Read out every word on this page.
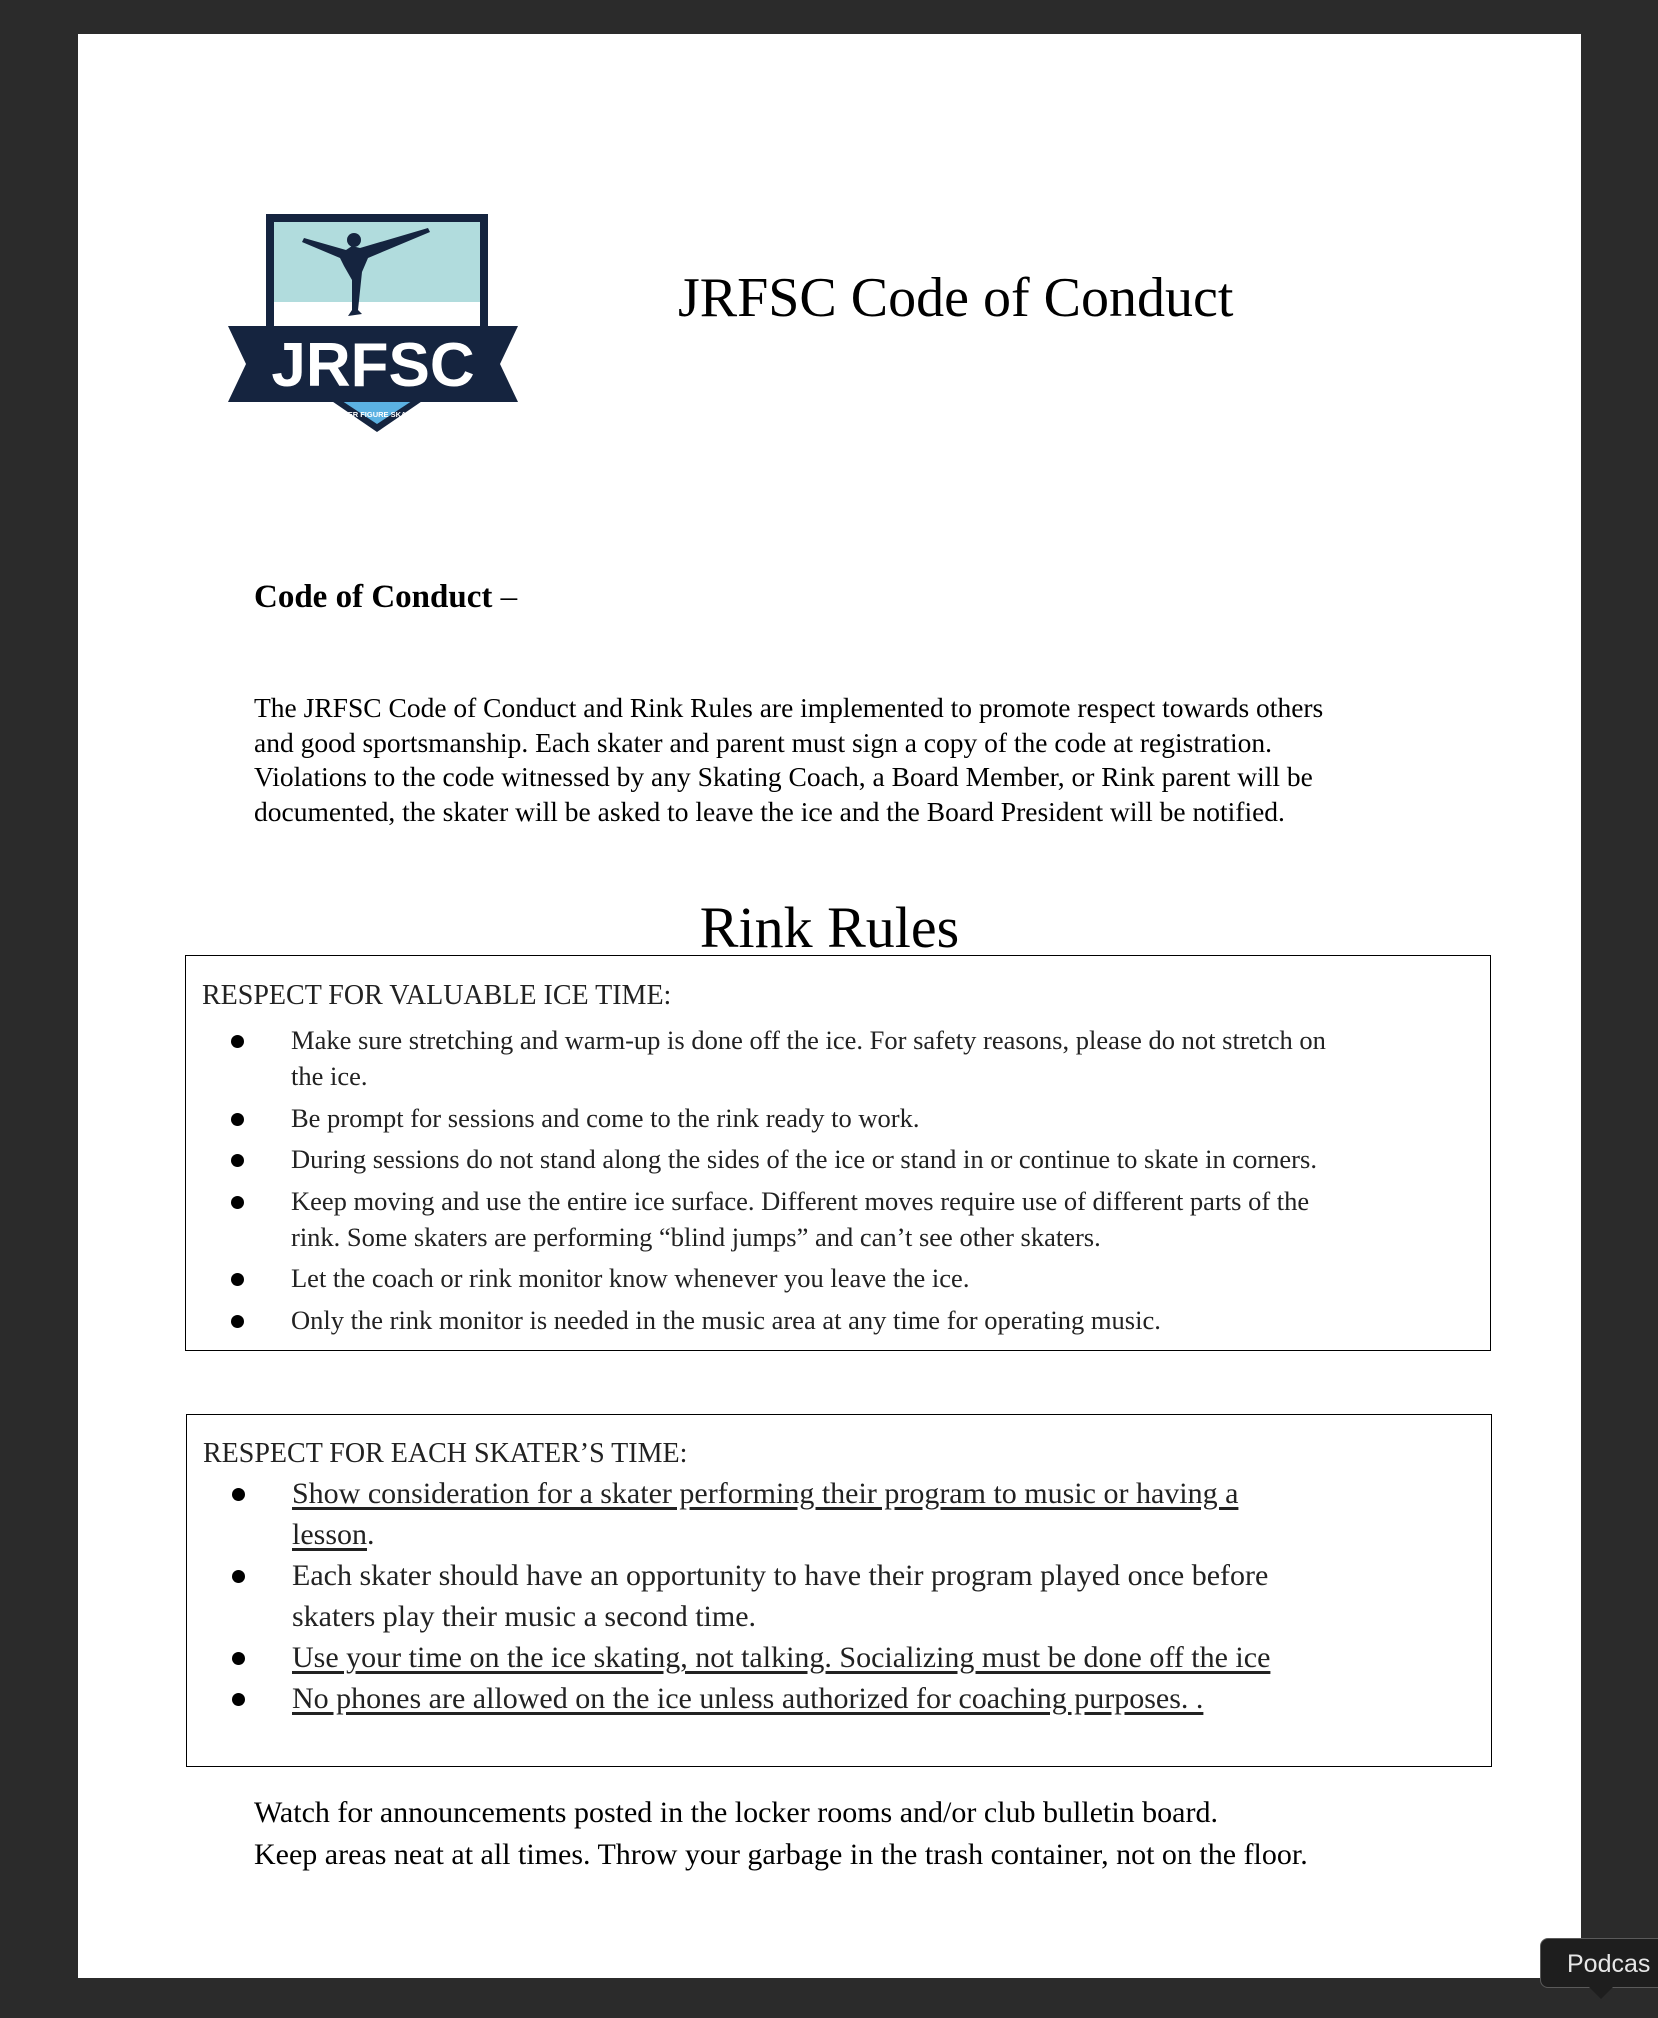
JRFSC
JAMES RIVER FIGURE SKATING CLUB
JRFSC Code of Conduct
Code of Conduct –
The JRFSC Code of Conduct and Rink Rules are implemented to promote respect towards others
and good sportsmanship. Each skater and parent must sign a copy of the code at registration.
Violations to the code witnessed by any Skating Coach, a Board Member, or Rink parent will be
documented, the skater will be asked to leave the ice and the Board President will be notified.
Rink Rules
RESPECT FOR VALUABLE ICE TIME:
Make sure stretching and warm-up is done off the ice. For safety reasons, please do not stretch on
the ice.
Be prompt for sessions and come to the rink ready to work.
During sessions do not stand along the sides of the ice or stand in or continue to skate in corners.
Keep moving and use the entire ice surface. Different moves require use of different parts of the
rink. Some skaters are performing “blind jumps” and can’t see other skaters.
Let the coach or rink monitor know whenever you leave the ice.
Only the rink monitor is needed in the music area at any time for operating music.
RESPECT FOR EACH SKATER’S TIME:
Show consideration for a skater performing their program to music or having a
lesson.
Each skater should have an opportunity to have their program played once before
skaters play their music a second time.
Use your time on the ice skating, not talking. Socializing must be done off the ice
No phones are allowed on the ice unless authorized for coaching purposes. .
Watch for announcements posted in the locker rooms and/or club bulletin board.
Keep areas neat at all times. Throw your garbage in the trash container, not on the floor.
Podcas
